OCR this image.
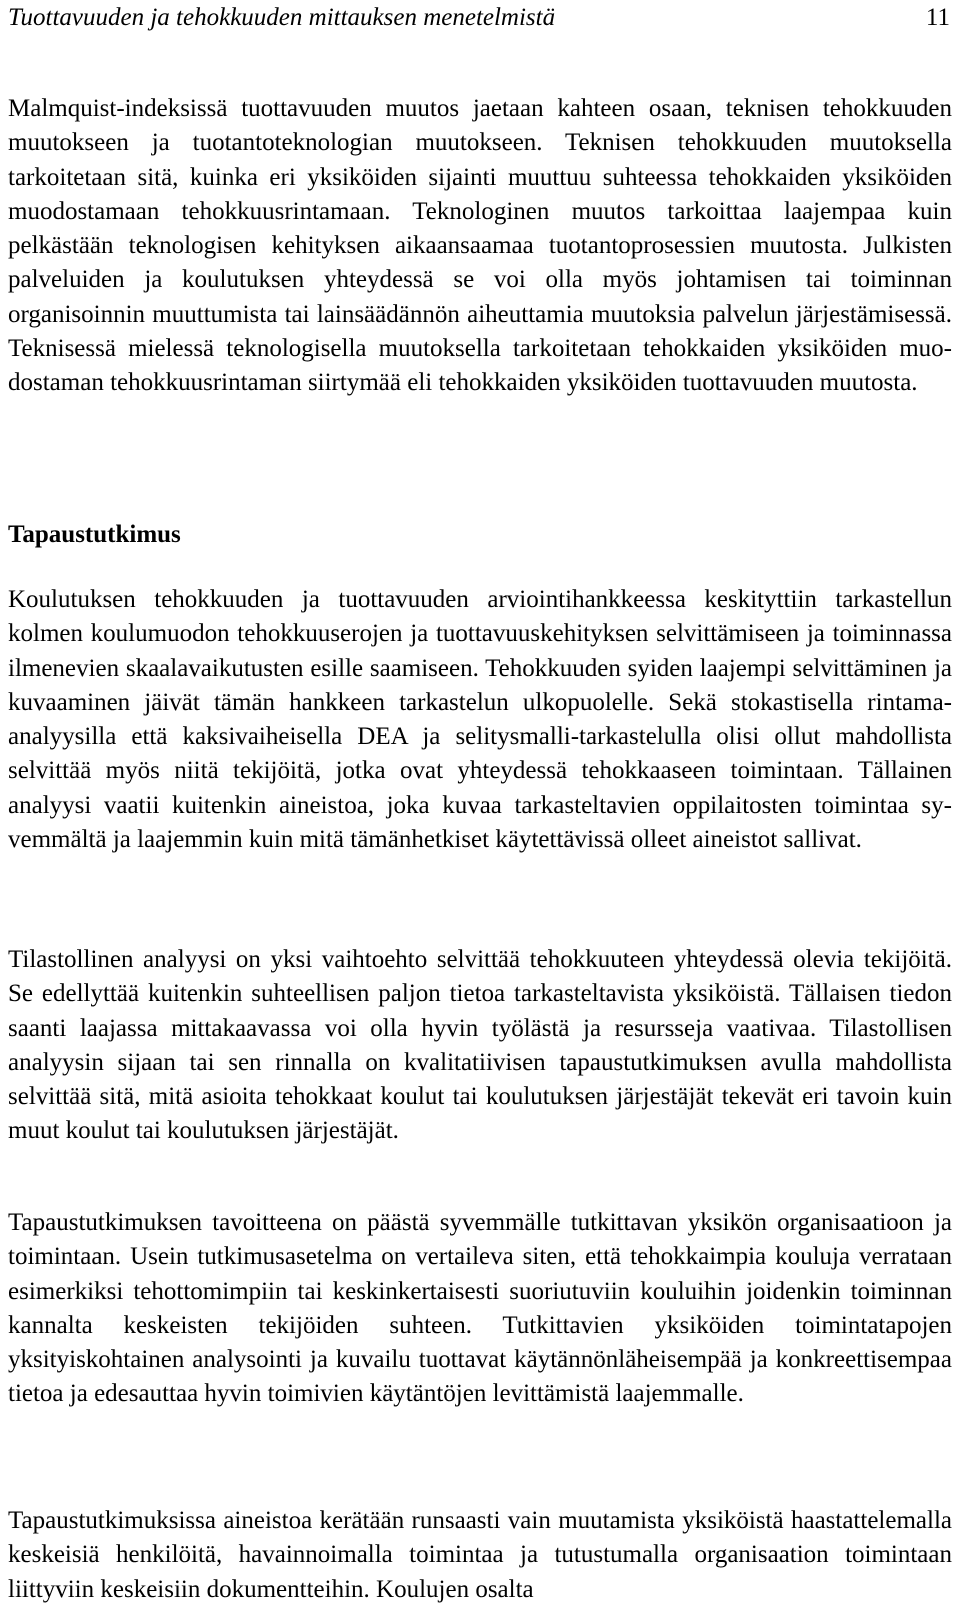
Tuottavuuden ja tehokkuuden mittauksen menetelmistä	11

Malmquist-indeksissä tuottavuuden muutos jaetaan kahteen osaan, teknisen tehokkuuden muutokseen ja tuotantoteknologian muutokseen. Teknisen tehokkuuden muutoksella tarkoitetaan sitä, kuinka eri yksiköiden sijainti muuttuu suhteessa tehokkaiden yksiköiden muodostamaan tehokkuusrintamaan. Teknologinen muutos tarkoittaa laajempaa kuin pelkästään teknologisen kehityksen aikaansaamaa tuotantoprosessien muutosta. Julkisten palveluiden ja koulutuksen yhteydessä se voi olla myös johtamisen tai toiminnan organisoinnin muuttumista tai lainsäädännön aiheuttamia muutoksia palvelun järjestämisessä. Teknisessä mielessä teknologisella muutoksella tarkoitetaan tehokkaiden yksiköiden muodostaman tehokkuusrintaman siirtymää eli tehokkaiden yksiköiden tuottavuuden muutosta.

Tapaustutkimus

Koulutuksen tehokkuuden ja tuottavuuden arviointihankkeessa keskityttiin tarkastellun kolmen koulumuodon tehokkuuserojen ja tuottavuuskehityksen selvittämiseen ja toiminnassa ilmenevien skaalavaikutusten esille saamiseen. Tehokkuuden syiden laajempi selvittäminen ja kuvaaminen jäivät tämän hankkeen tarkastelun ulkopuolelle. Sekä stokastisella rintama-analyysilla että kaksivaiheisella DEA ja selitysmalli-tarkastelulla olisi ollut mahdollista selvittää myös niitä tekijöitä, jotka ovat yhteydessä tehokkaaseen toimintaan. Tällainen analyysi vaatii kuitenkin aineistoa, joka kuvaa tarkasteltavien oppilaitosten toimintaa syvemmältä ja laajemmin kuin mitä tämänhetkiset käytettävissä olleet aineistot sallivat.

Tilastollinen analyysi on yksi vaihtoehto selvittää tehokkuuteen yhteydessä olevia tekijöitä. Se edellyttää kuitenkin suhteellisen paljon tietoa tarkasteltavista yksiköistä. Tällaisen tiedon saanti laajassa mittakaavassa voi olla hyvin työlästä ja resursseja vaativaa. Tilastollisen analyysin sijaan tai sen rinnalla on kvalitatiivisen tapaustutkimuksen avulla mahdollista selvittää sitä, mitä asioita tehokkaat koulut tai koulutuksen järjestäjät tekevät eri tavoin kuin muut koulut tai koulutuksen järjestäjät.

Tapaustutkimuksen tavoitteena on päästä syvemmälle tutkittavan yksikön organisaatioon ja toimintaan. Usein tutkimusasetelma on vertaileva siten, että tehokkaimpia kouluja verrataan esimerkiksi tehottomimpiin tai keskinkertaisesti suoriutuviin kouluihin joidenkin toiminnan kannalta keskeisten tekijöiden suhteen. Tutkittavien yksiköiden toimintatapojen yksityiskohtainen analysointi ja kuvailu tuottavat käytännönläheisempää ja konkreettisempaa tietoa ja edesauttaa hyvin toimivien käytäntöjen levittämistä laajemmalle.

Tapaustutkimuksissa aineistoa kerätään runsaasti vain muutamista yksiköistä haastattelemalla keskeisiä henkilöitä, havainnoimalla toimintaa ja tutustumalla organisaation toimintaan liittyviin keskeisiin dokumentteihin. Koulujen osalta
